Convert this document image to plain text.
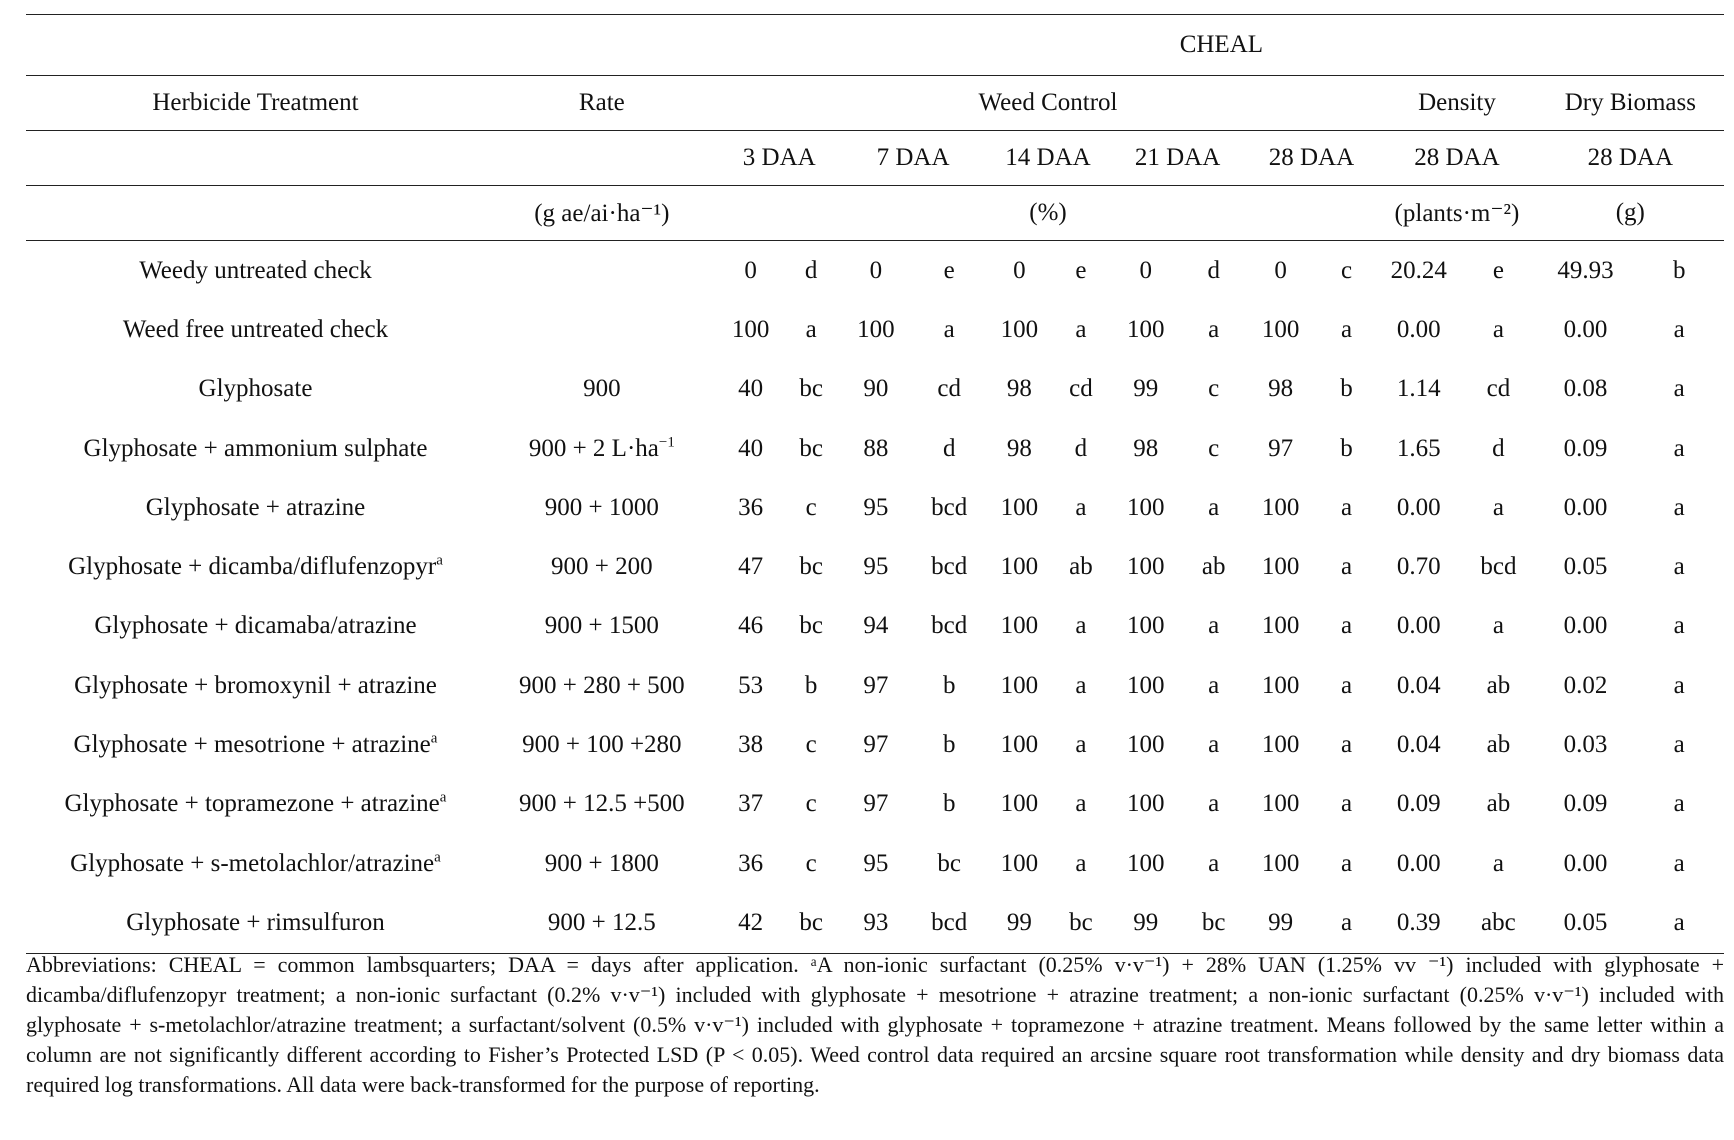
		CHEAL													
Herbicide Treatment	Rate	Weed Control										Density		Dry Biomass	
		3 DAA		7 DAA		14 DAA		21 DAA		28 DAA		28 DAA		28 DAA	
	(g ae/ai·ha⁻¹)	(%)										(plants·m⁻²)		(g)	
Weedy untreated check		0	d	0	e	0	e	0	d	0	c	20.24	e	49.93	b
Weed free untreated check		100	a	100	a	100	a	100	a	100	a	0.00	a	0.00	a
Glyphosate	900	40	bc	90	cd	98	cd	99	c	98	b	1.14	cd	0.08	a
Glyphosate + ammonium sulphate	900 + 2 $L\cdot ha^{-1}$	40	bc	88	d	98	d	98	c	97	b	1.65	d	0.09	a
Glyphosate + atrazine	900 + 1000	36	c	95	bcd	100	a	100	a	100	a	0.00	a	0.00	a
Glyphosate + dicamba/diflufenzopyr$^a$	900 + 200	47	bc	95	bcd	100	ab	100	ab	100	a	0.70	bcd	0.05	a
Glyphosate + dicamaba/atrazine	900 + 1500	46	bc	94	bcd	100	a	100	a	100	a	0.00	a	0.00	a
Glyphosate + bromoxynil + atrazine	900 + 280 + 500	53	b	97	b	100	a	100	a	100	a	0.04	ab	0.02	a
Glyphosate + mesotrione + atrazine$^a$	900 + 100 +280	38	c	97	b	100	a	100	a	100	a	0.04	ab	0.03	a
Glyphosate + topramezone + atrazine$^a$	900 + 12.5 +500	37	c	97	b	100	a	100	a	100	a	0.09	ab	0.09	a
Glyphosate + s-metolachlor/atrazine$^a$	900 + 1800	36	c	95	bc	100	a	100	a	100	a	0.00	a	0.00	a
Glyphosate + rimsulfuron	900 + 12.5	42	bc	93	bcd	99	bc	99	bc	99	a	0.39	abc	0.05	a

Abbreviations: CHEAL = common lambsquarters; DAA = days after application. ᵃA non-ionic surfactant (0.25% v·v⁻¹) + 28% UAN (1.25% vv ⁻¹) included with glyphosate + dicamba/diflufenzopyr treatment; a non-ionic surfactant (0.2% v·v⁻¹) included with glyphosate + mesotrione + atrazine treatment; a non-ionic surfactant (0.25% v·v⁻¹) included with glyphosate + s-metolachlor/atrazine treatment; a surfactant/solvent (0.5% v·v⁻¹) included with glyphosate + topramezone + atrazine treatment. Means followed by the same letter within a column are not significantly different according to Fisher’s Protected LSD (P < 0.05). Weed control data required an arcsine square root transformation while density and dry biomass data required log transformations. All data were back-transformed for the purpose of reporting.
